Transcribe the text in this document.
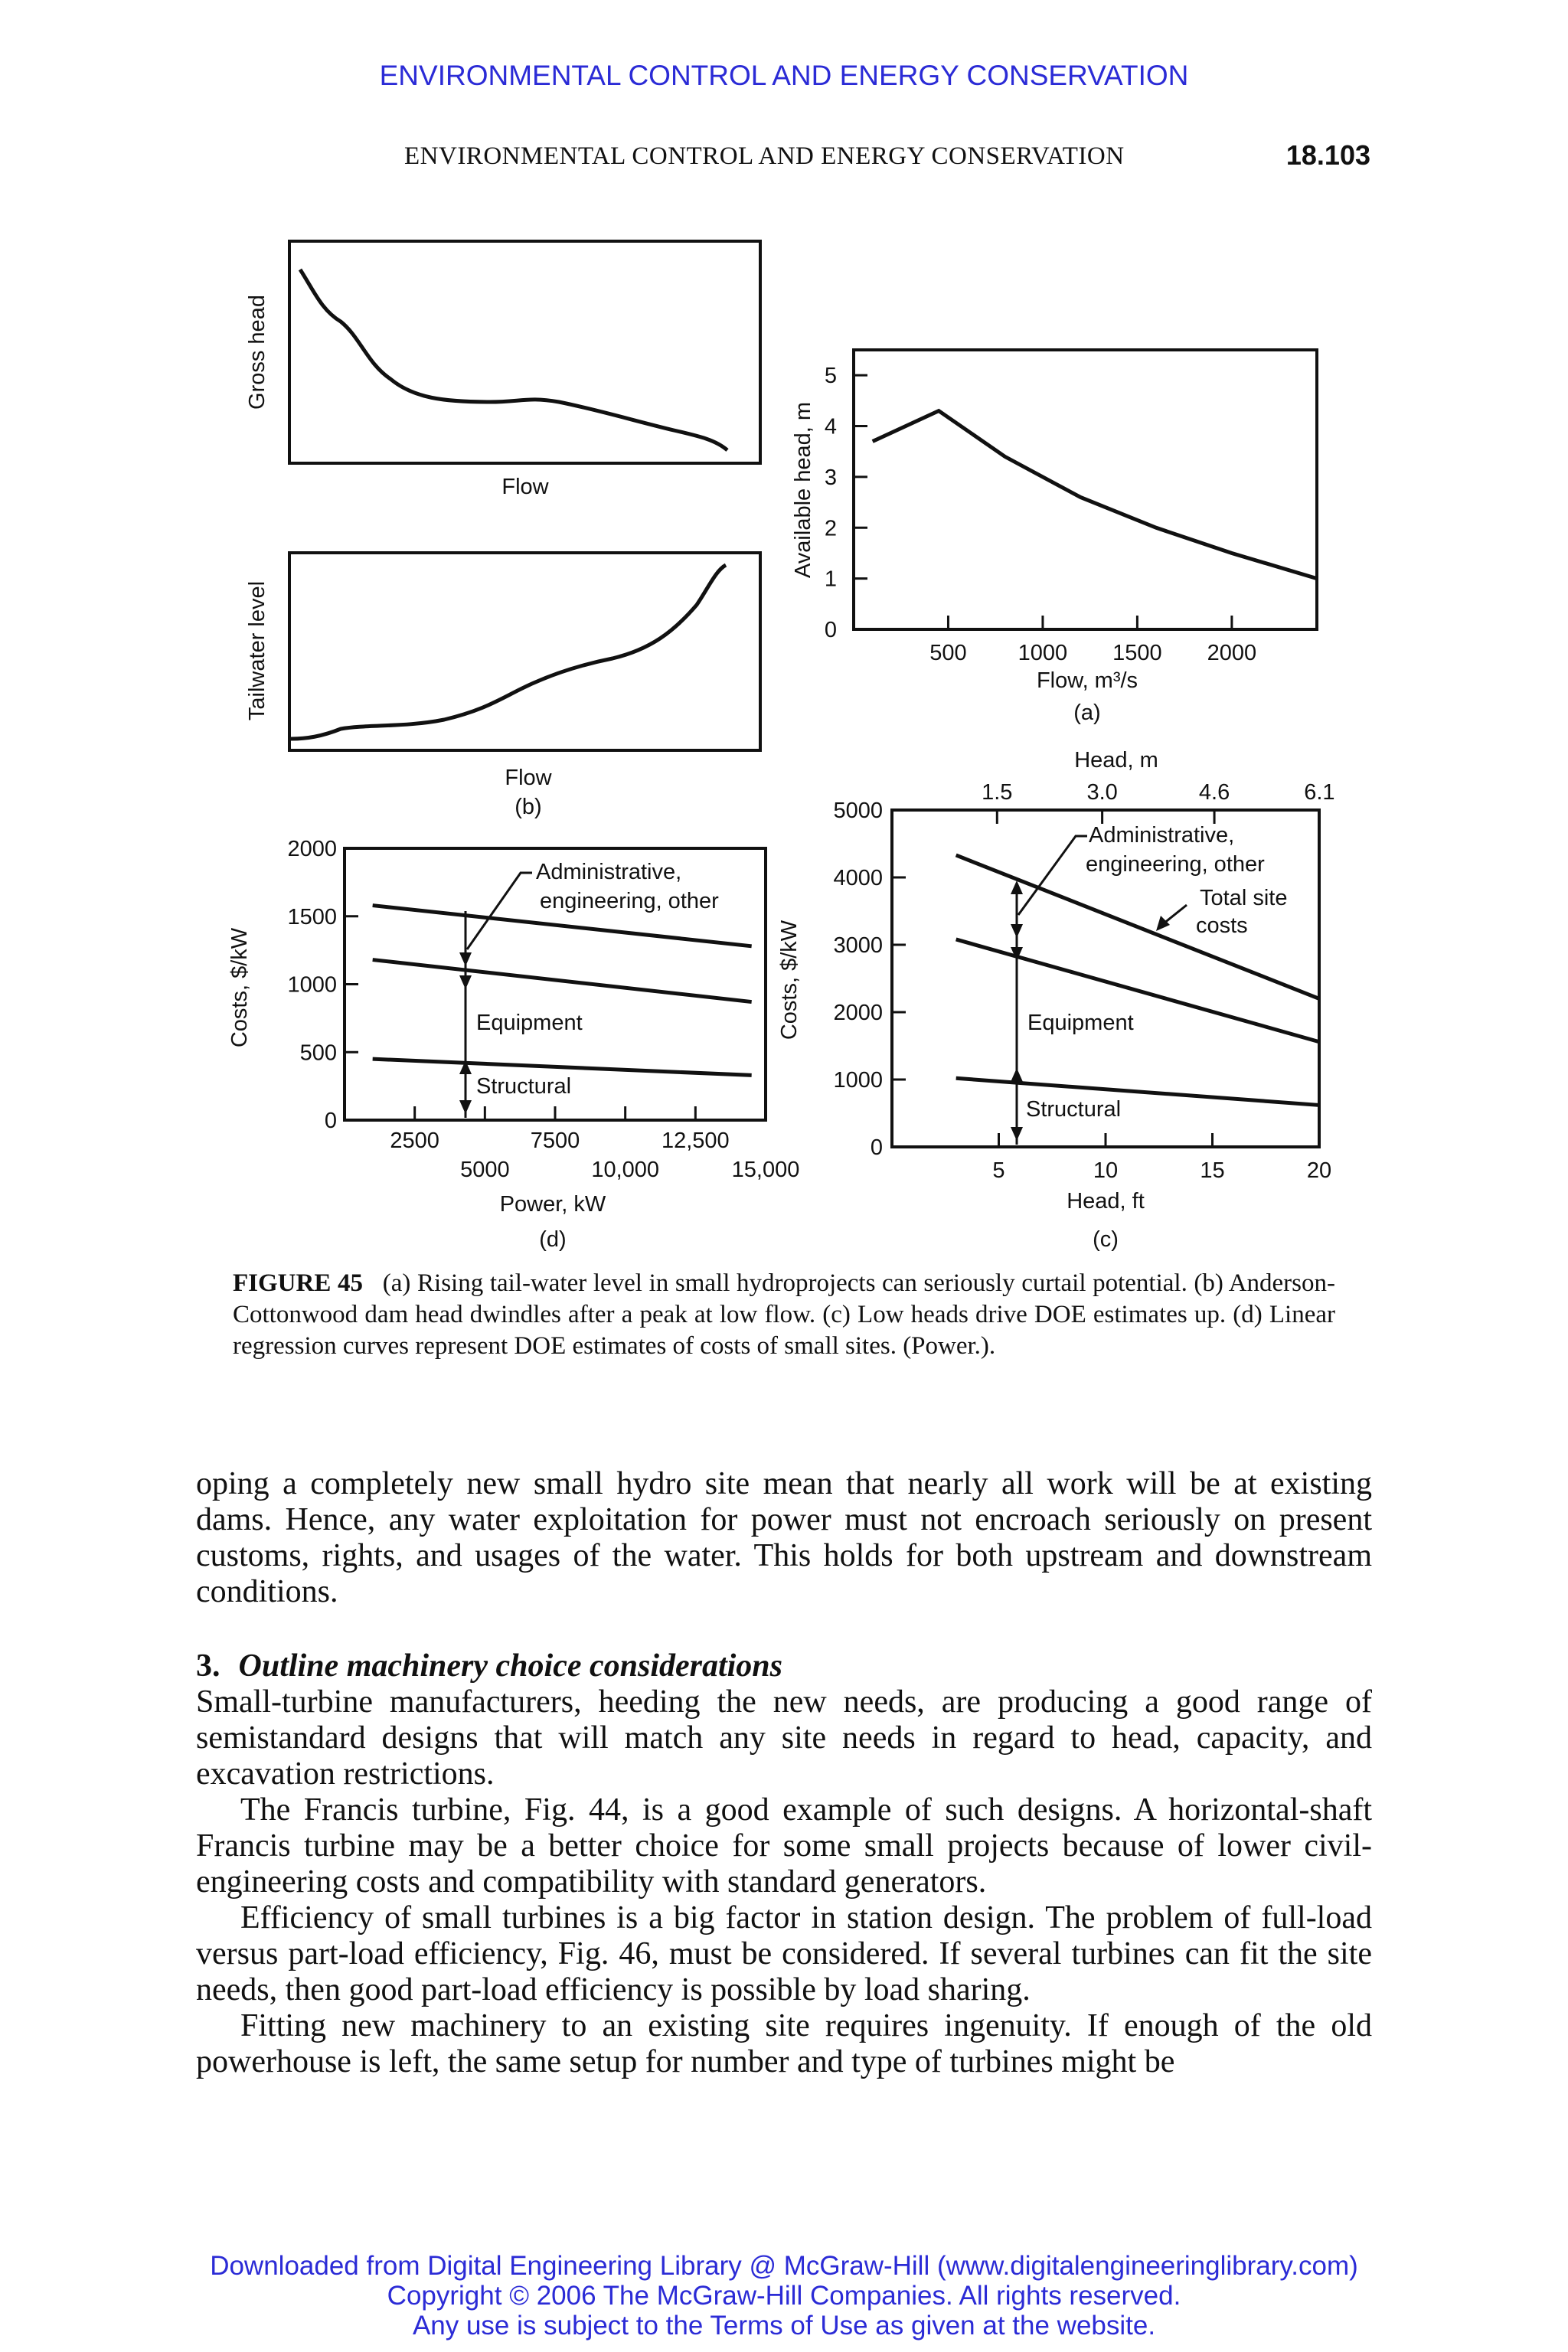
ENVIRONMENTAL CONTROL AND ENERGY CONSERVATION
ENVIRONMENTAL CONTROL AND ENERGY CONSERVATION	18.103
Gross head
Flow
Tailwater level
Flow
(b)
Available head, m
0
1
2
3
4
5
500 1000 1500 2000
Flow, m³/s
(a)
Costs, $/kW
0
500
1000
1500
2000
2500	7500	12,500
5000	10,000	15,000
Administrative,
engineering, other
Equipment
Structural
Power, kW
(d)
Costs, $/kW
Head, m
1.5	3.0	4.6	6.1
0
1000
2000
3000
4000
5000
5	10	15	20
Administrative,
engineering, other
Total site
costs
Equipment
Structural
Head, ft
(c)
FIGURE 45 (a) Rising tail-water level in small hydroprojects can seriously curtail potential. (b) Anderson-Cottonwood dam head dwindles after a peak at low flow. (c) Low heads drive DOE estimates up. (d) Linear regression curves represent DOE estimates of costs of small sites. (Power.).
oping a completely new small hydro site mean that nearly all work will be at existing dams. Hence, any water exploitation for power must not encroach seriously on present customs, rights, and usages of the water. This holds for both upstream and downstream conditions.
3. Outline machinery choice considerations
Small-turbine manufacturers, heeding the new needs, are producing a good range of semistandard designs that will match any site needs in regard to head, capacity, and excavation restrictions.
The Francis turbine, Fig. 44, is a good example of such designs. A horizontal-shaft Francis turbine may be a better choice for some small projects because of lower civil-engineering costs and compatibility with standard generators.
Efficiency of small turbines is a big factor in station design. The problem of full-load versus part-load efficiency, Fig. 46, must be considered. If several turbines can fit the site needs, then good part-load efficiency is possible by load sharing.
Fitting new machinery to an existing site requires ingenuity. If enough of the old powerhouse is left, the same setup for number and type of turbines might be
Downloaded from Digital Engineering Library @ McGraw-Hill (www.digitalengineeringlibrary.com)
Copyright © 2006 The McGraw-Hill Companies. All rights reserved.
Any use is subject to the Terms of Use as given at the website.
